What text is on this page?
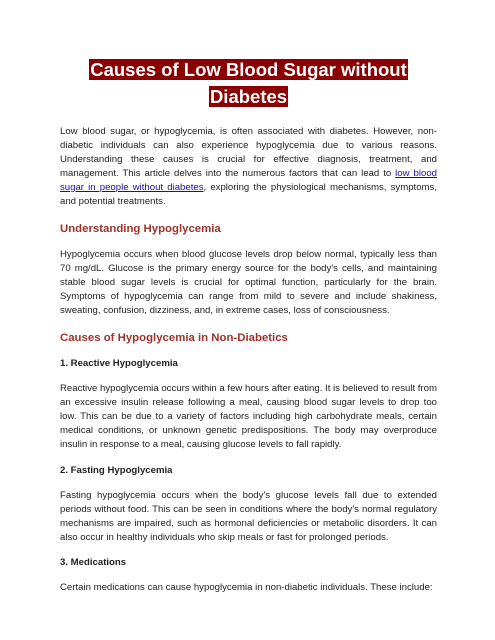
Causes of Low Blood Sugar without Diabetes

Low blood sugar, or hypoglycemia, is often associated with diabetes. However, non-diabetic individuals can also experience hypoglycemia due to various reasons. Understanding these causes is crucial for effective diagnosis, treatment, and management. This article delves into the numerous factors that can lead to low blood sugar in people without diabetes, exploring the physiological mechanisms, symptoms, and potential treatments.

Understanding Hypoglycemia

Hypoglycemia occurs when blood glucose levels drop below normal, typically less than 70 mg/dL. Glucose is the primary energy source for the body's cells, and maintaining stable blood sugar levels is crucial for optimal function, particularly for the brain. Symptoms of hypoglycemia can range from mild to severe and include shakiness, sweating, confusion, dizziness, and, in extreme cases, loss of consciousness.

Causes of Hypoglycemia in Non-Diabetics
1. Reactive Hypoglycemia

Reactive hypoglycemia occurs within a few hours after eating. It is believed to result from an excessive insulin release following a meal, causing blood sugar levels to drop too low. This can be due to a variety of factors including high carbohydrate meals, certain medical conditions, or unknown genetic predispositions. The body may overproduce insulin in response to a meal, causing glucose levels to fall rapidly.

2. Fasting Hypoglycemia

Fasting hypoglycemia occurs when the body's glucose levels fall due to extended periods without food. This can be seen in conditions where the body's normal regulatory mechanisms are impaired, such as hormonal deficiencies or metabolic disorders. It can also occur in healthy individuals who skip meals or fast for prolonged periods.

3. Medications

Certain medications can cause hypoglycemia in non-diabetic individuals. These include:
